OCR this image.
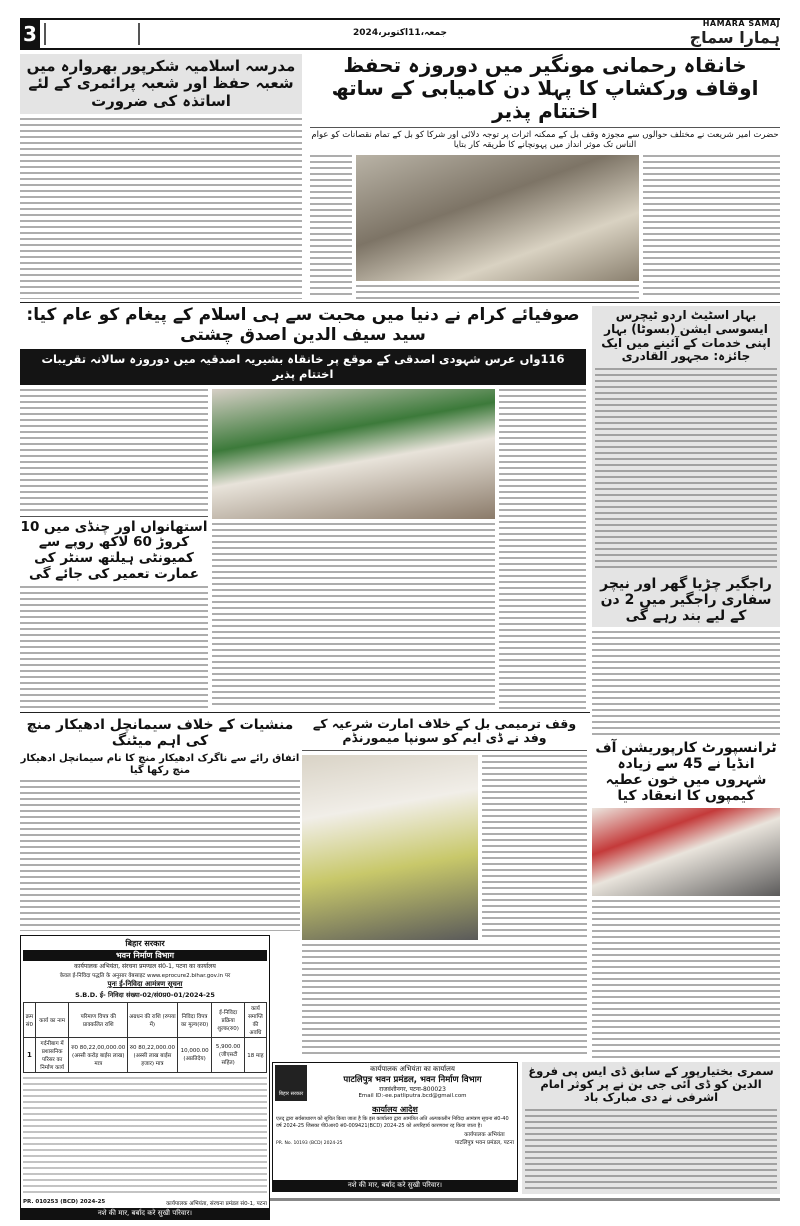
3	جمعہ،11اکتوبر،2024
HAMARA SAMAJ
ہمارا سماج
مدرسہ اسلامیہ شکرپور بھروارہ میں شعبہ حفظ اور شعبہ پرائمری کے لئے اساتذہ کی ضرورت
خانقاہ رحمانی مونگیر میں دوروزہ تحفظ اوقاف ورکشاپ کا پہلا دن کامیابی کے ساتھ اختتام پذیر
حضرت امیر شریعت نے مختلف حوالوں سے مجوزہ وقف بل کے ممکنہ اثرات پر توجہ دلائی اور شرکا کو بل کے تمام نقصانات کو عوام الناس تک موثر انداز میں پہونچانے کا طریقہ کار بتایا
صوفیائے کرام نے دنیا میں محبت سے ہی اسلام کے پیغام کو عام کیا: سید سیف الدین اصدق چشتی
116واں عرس شہودی اصدقی کے موقع پر خانقاہ بشیریہ اصدقیہ میں دوروزہ سالانہ تقریبات اختتام پذیر
استھانواں اور چنڈی میں 10 کروڑ 60 لاکھ روپے سے کمیونٹی ہیلتھ سنٹر کی عمارت تعمیر کی جائے گی
بہار اسٹیٹ اردو ٹیچرس ایسوسی ایشن (بسوٹا) بہار اپنی خدمات کے آئینے میں ایک جائزہ: مجہور القادری
راجگیر چڑیا گھر اور نیچر سفاری راجگیر میں 2 دن کے لیے بند رہے گی
ٹرانسپورٹ کارپوریشن آف انڈیا نے 45 سے زیادہ شہروں میں خون عطیہ کیمپوں کا انعقاد کیا
منشیات کے خلاف سیمانچل ادھیکار منچ کی اہم میٹنگ
اتفاق رائے سے ناگرک ادھیکار منچ کا نام سیمانچل ادھیکار منچ رکھا گیا
وقف ترمیمی بل کے خلاف امارت شرعیہ کے وفد نے ڈی ایم کو سونپا میمورنڈم
बिहार सरकार
भवन निर्माण विभाग
कार्यपालक अभियंता, संरचना प्रमण्डल सं0-1, पटना का कार्यालय
केवल ई-निविदा पद्धति के अनुसार वेबसाइट www.eprocure2.bihar.gov.in पर
पुनः ई-निविदा आमंत्रण सूचना
S.B.D. ई- निविदा संख्या-02/सं0प्र0-01/2024-25
क्रम सं0	कार्य का नाम	परिमाण विपत्र की प्राक्कलित राशि	अग्रधन की राशि (रुपया में)	निविदा विपत्र का मूल्य(रु0)	ई-निविदा प्रक्रिया शुल्क(रु0)	कार्य समाप्ति की अवधि
1	गर्दनीबाग में प्रशासनिक परिसर का निर्माण कार्य	रु0 80,22,00,000.00 (अस्सी करोड़ बाईस लाख) मात्र	रु0 80,22,000.00 (अस्सी लाख बाईस हजार) मात्र	10,000.00 (अप्रतिदेय)	5,900.00 (जीएसटी सहित)	18 माह
PR. 010253 (BCD) 2024-25	कार्यपालक अभियंता, संरचना प्रमंडल सं0-1, पटना
नशे की मार, बर्बाद करे सुखी परिवार।
बिहार सरकार
कार्यपालक अभियंता का कार्यालय
पाटलिपुत्र भवन प्रमंडल, भवन निर्माण विभाग
राजवंशीनगर, पटना-800023
Email ID:-ee.patliputra.bcd@gmail.com
कार्यालय आदेश
एतद् द्वारा सर्वसाधारण को सूचित किया जाता है कि इस कार्यालय द्वारा आमंत्रित अति अल्पकालीन निविदा आमंत्रण सूचना सं0-40 वर्ष 2024-25 जिसका पी0आर0 सं0-009421(BCD) 2024-25 को अपरिहार्य कारणवश रद्द किया जाता है।
PR. No. 10193 (BCD) 2024-25
कार्यपालक अभियंता
पाटलिपुत्र भवन प्रमंडल, पटना
नशे की मार, बर्बाद करे सुखी परिवार।
سمری بختیارپور کے سابق ڈی ایس پی فروغ الدین کو ڈی آئی جی بن نے پر کوثر امام اشرفی نے دی مبارک باد
